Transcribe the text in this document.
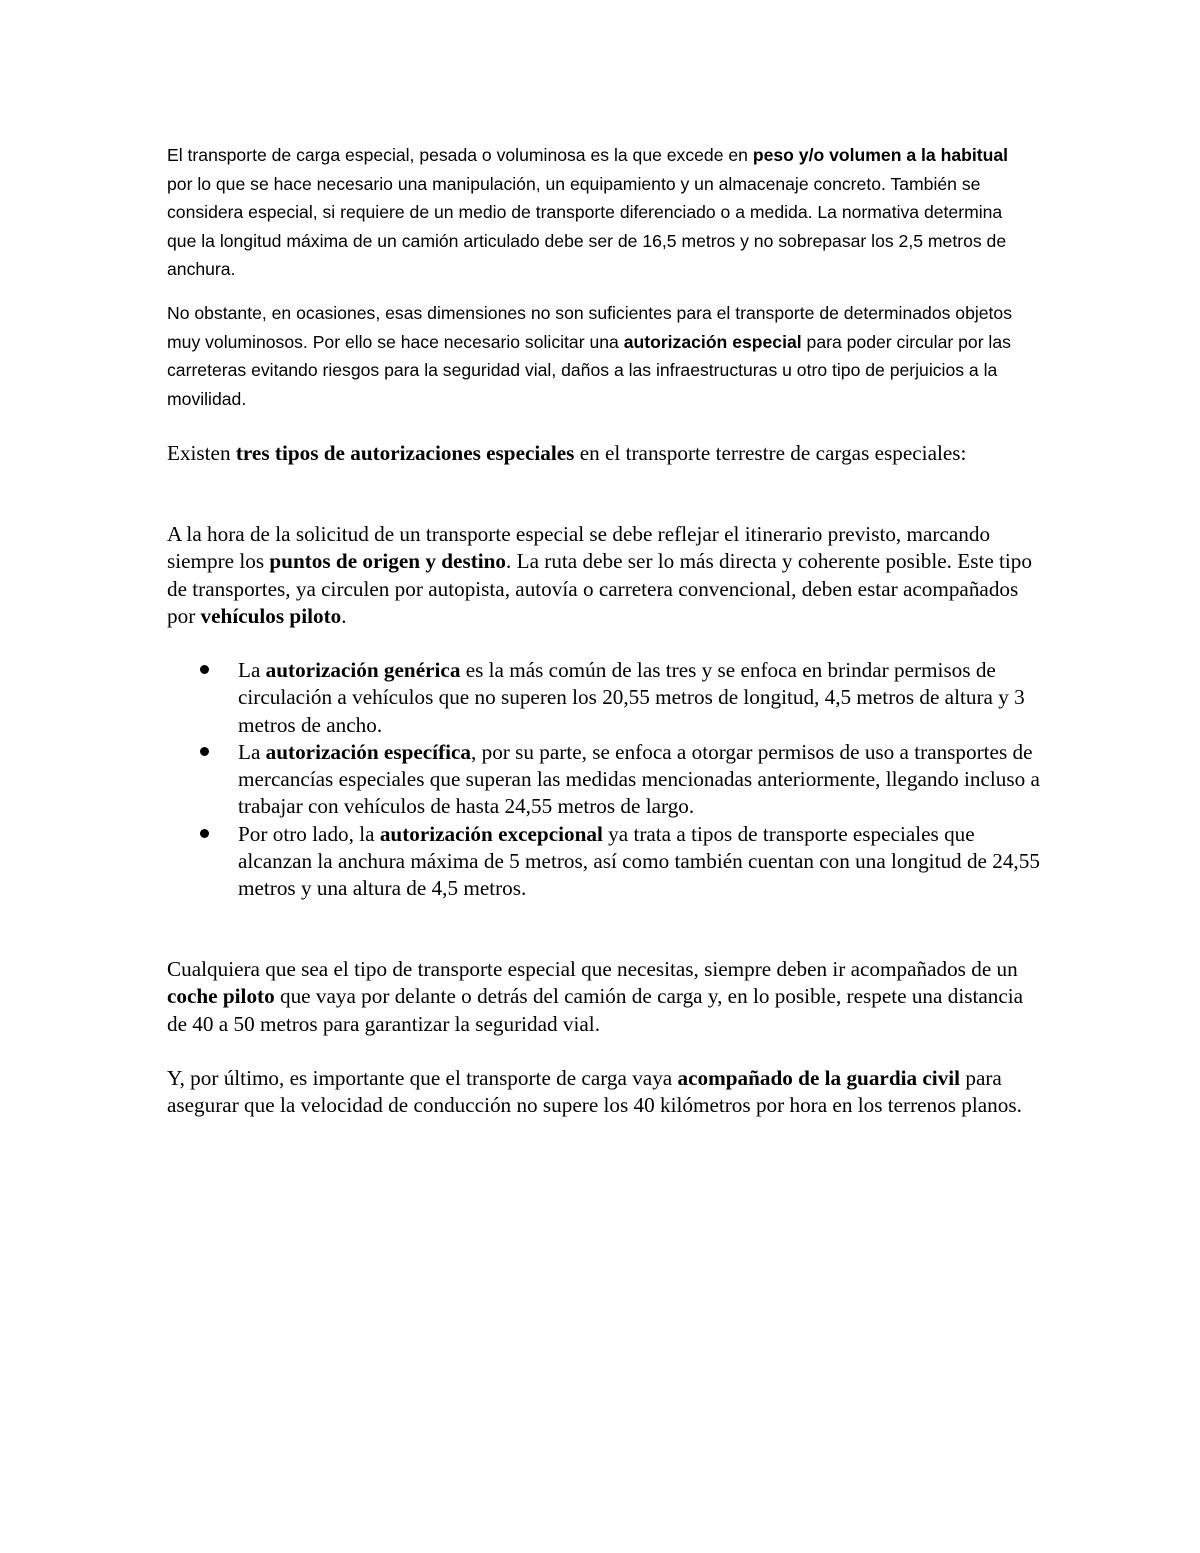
El transporte de carga especial, pesada o voluminosa es la que excede en peso y/o volumen a la habitual por lo que se hace necesario una manipulación, un equipamiento y un almacenaje concreto. También se considera especial, si requiere de un medio de transporte diferenciado o a medida. La normativa determina que la longitud máxima de un camión articulado debe ser de 16,5 metros y no sobrepasar los 2,5 metros de anchura.

No obstante, en ocasiones, esas dimensiones no son suficientes para el transporte de determinados objetos muy voluminosos. Por ello se hace necesario solicitar una autorización especial para poder circular por las carreteras evitando riesgos para la seguridad vial, daños a las infraestructuras u otro tipo de perjuicios a la movilidad.

Existen tres tipos de autorizaciones especiales en el transporte terrestre de cargas especiales:

A la hora de la solicitud de un transporte especial se debe reflejar el itinerario previsto, marcando siempre los puntos de origen y destino. La ruta debe ser lo más directa y coherente posible. Este tipo de transportes, ya circulen por autopista, autovía o carretera convencional, deben estar acompañados por vehículos piloto.

La autorización genérica es la más común de las tres y se enfoca en brindar permisos de circulación a vehículos que no superen los 20,55 metros de longitud, 4,5 metros de altura y 3 metros de ancho.
La autorización específica, por su parte, se enfoca a otorgar permisos de uso a transportes de mercancías especiales que superan las medidas mencionadas anteriormente, llegando incluso a trabajar con vehículos de hasta 24,55 metros de largo.
Por otro lado, la autorización excepcional ya trata a tipos de transporte especiales que alcanzan la anchura máxima de 5 metros, así como también cuentan con una longitud de 24,55 metros y una altura de 4,5 metros.

Cualquiera que sea el tipo de transporte especial que necesitas, siempre deben ir acompañados de un coche piloto que vaya por delante o detrás del camión de carga y, en lo posible, respete una distancia de 40 a 50 metros para garantizar la seguridad vial.

Y, por último, es importante que el transporte de carga vaya acompañado de la guardia civil para asegurar que la velocidad de conducción no supere los 40 kilómetros por hora en los terrenos planos.
